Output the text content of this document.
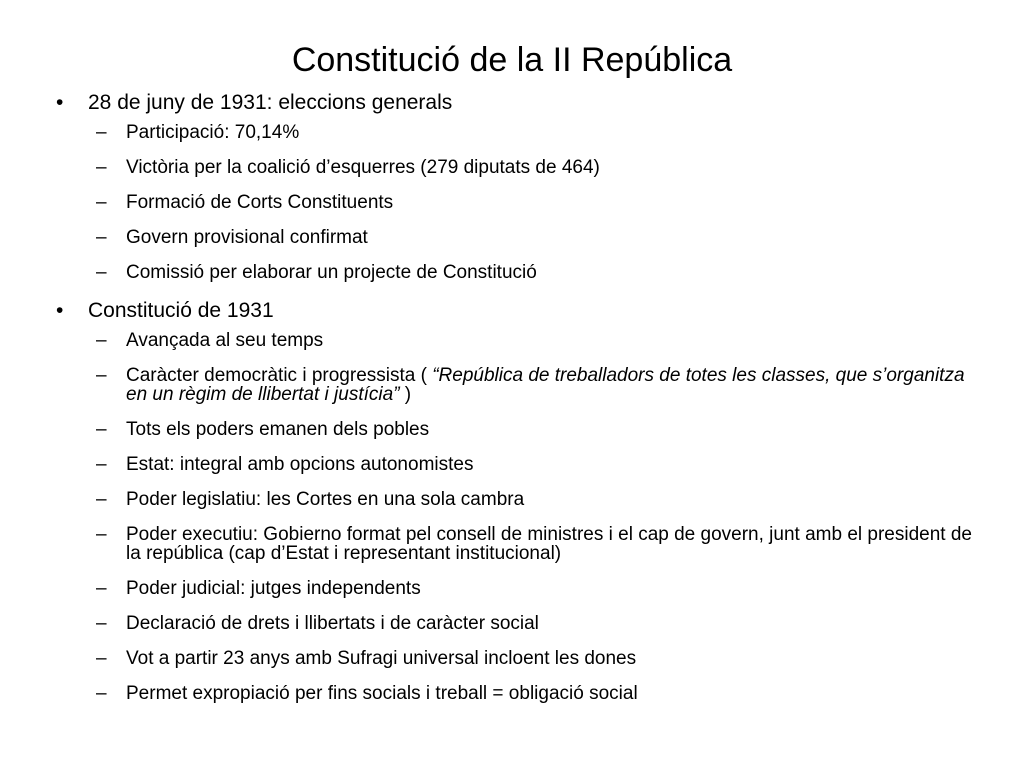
Constitució de la II República
• 28 de juny de 1931: eleccions generals
– Participació: 70,14%
– Victòria per la coalició d’esquerres (279 diputats de 464)
– Formació de Corts Constituents
– Govern provisional confirmat
– Comissió per elaborar un projecte de Constitució
• Constitució de 1931
– Avançada al seu temps
– Caràcter democràtic i progressista ( “República de treballadors de totes les classes, que s’organitza en un règim de llibertat i justícia” )
– Tots els poders emanen dels pobles
– Estat: integral amb opcions autonomistes
– Poder legislatiu: les Cortes en una sola cambra
– Poder executiu: Gobierno format pel consell de ministres i el cap de govern, junt amb el president de la república (cap d’Estat i representant institucional)
– Poder judicial: jutges independents
– Declaració de drets i llibertats i de caràcter social
– Vot a partir 23 anys amb Sufragi universal incloent les dones
– Permet expropiació per fins socials i treball = obligació social
